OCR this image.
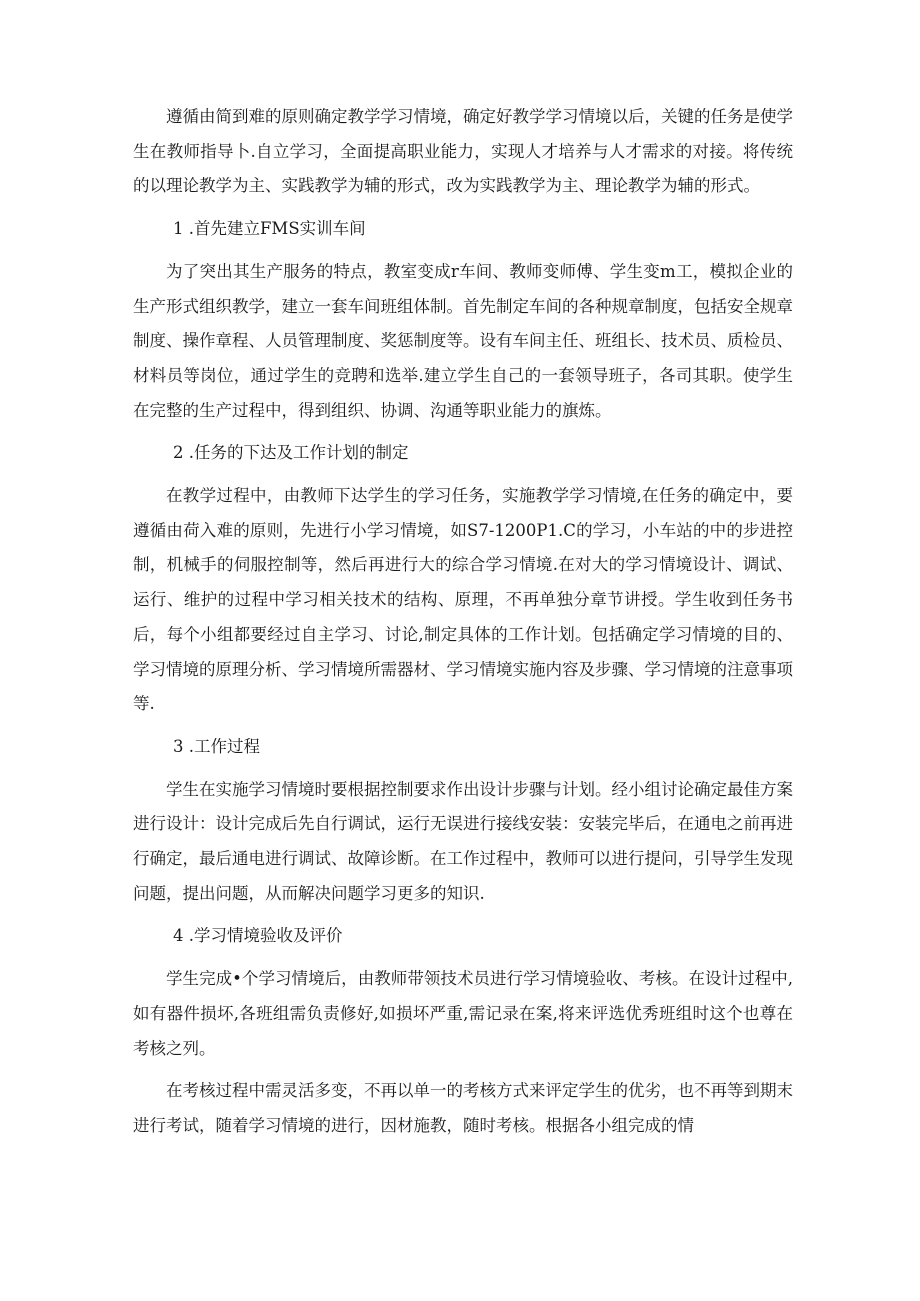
遵循由简到难的原则确定教学学习情境，确定好教学学习情境以后，关键的任务是使学生在教师指导卜.自立学习，全面提高职业能力，实现人才培养与人才需求的对接。将传统的以理论教学为主、实践教学为辅的形式，改为实践教学为主、理论教学为辅的形式。

1 .首先建立FMS实训车间

为了突出其生产服务的特点，教室变成r车间、教师变师傅、学生变m工，模拟企业的生产形式组织教学，建立一套车间班组体制。首先制定车间的各种规章制度，包括安全规章制度、操作章程、人员管理制度、奖惩制度等。设有车间主任、班组长、技术员、质检员、材料员等岗位，通过学生的竞聘和选举.建立学生自己的一套领导班子，各司其职。使学生在完整的生产过程中，得到组织、协调、沟通等职业能力的旗炼。

2 .任务的下达及工作计划的制定

在教学过程中，由教师下达学生的学习任务，实施教学学习情境,在任务的确定中，要遵循由荷入难的原则，先进行小学习情境，如S7-1200P1.C的学习，小车站的中的步进控制，机械手的伺服控制等，然后再进行大的综合学习情境.在对大的学习情境设计、调试、运行、维护的过程中学习相关技术的结构、原理，不再单独分章节讲授。学生收到任务书后，每个小组都要经过自主学习、讨论,制定具体的工作计划。包括确定学习情境的目的、学习情境的原理分析、学习情境所需器材、学习情境实施内容及步骤、学习情境的注意事项等.

3 .工作过程

学生在实施学习情境时要根据控制要求作出设计步骤与计划。经小组讨论确定最佳方案进行设计：设计完成后先自行调试，运行无误进行接线安装：安装完毕后，在通电之前再进行确定，最后通电进行调试、故障诊断。在工作过程中，教师可以进行提问，引导学生发现问题，提出问题，从而解决问题学习更多的知识.

4 .学习情境验收及评价

学生完成•个学习情境后，由教师带领技术员进行学习情境验收、考核。在设计过程中,如有器件损坏,各班组需负责修好,如损坏严重,需记录在案,将来评选优秀班组时这个也尊在考核之列。

在考核过程中需灵活多变，不再以单一的考核方式来评定学生的优劣，也不再等到期末进行考试，随着学习情境的进行，因材施教，随时考核。根据各小组完成的情
